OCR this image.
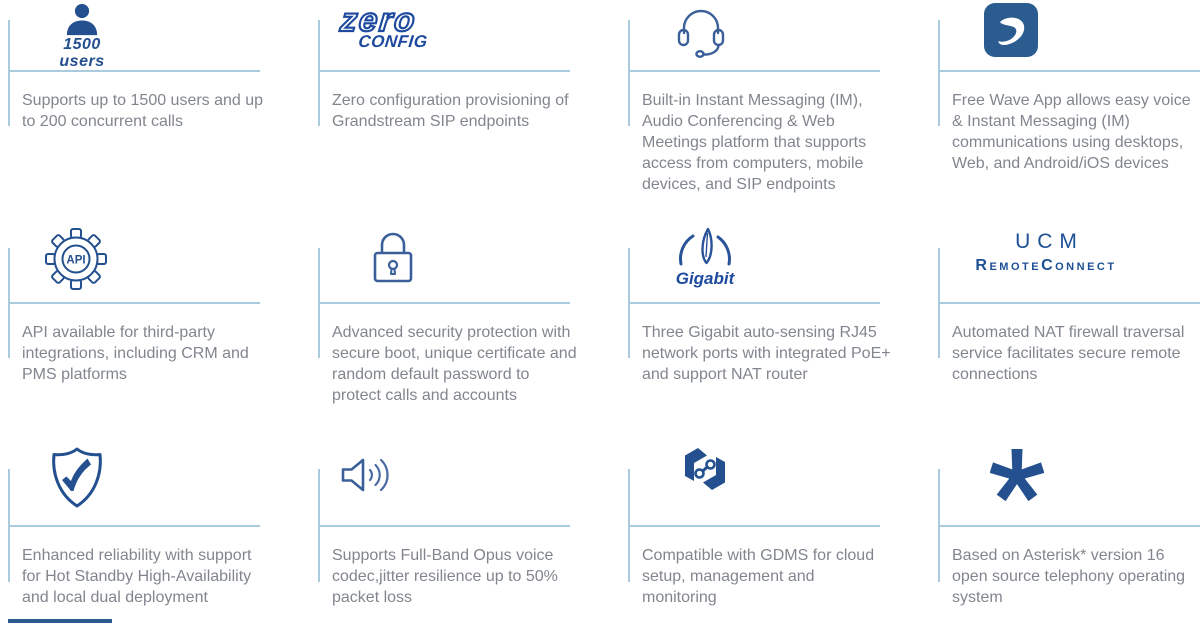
1500
users

Supports up to 1500 users and up to 200 concurrent calls

zero
CONFIG

Zero configuration provisioning of Grandstream SIP endpoints

Built-in Instant Messaging (IM), Audio Conferencing & Web Meetings platform that supports access from computers, mobile devices, and SIP endpoints

Free Wave App allows easy voice & Instant Messaging (IM) communications using desktops, Web, and Android/iOS devices

API

API available for third-party integrations, including CRM and PMS platforms

Advanced security protection with secure boot, unique certificate and random default password to protect calls and accounts

Gigabit

Three Gigabit auto-sensing RJ45 network ports with integrated PoE+ and support NAT router

UCM
RemoteConnect

Automated NAT firewall traversal service facilitates secure remote connections

Enhanced reliability with support for Hot Standby High-Availability and local dual deployment

Supports Full-Band Opus voice codec,jitter resilience up to 50% packet loss

Compatible with GDMS for cloud setup, management and monitoring

Based on Asterisk* version 16 open source telephony operating system
